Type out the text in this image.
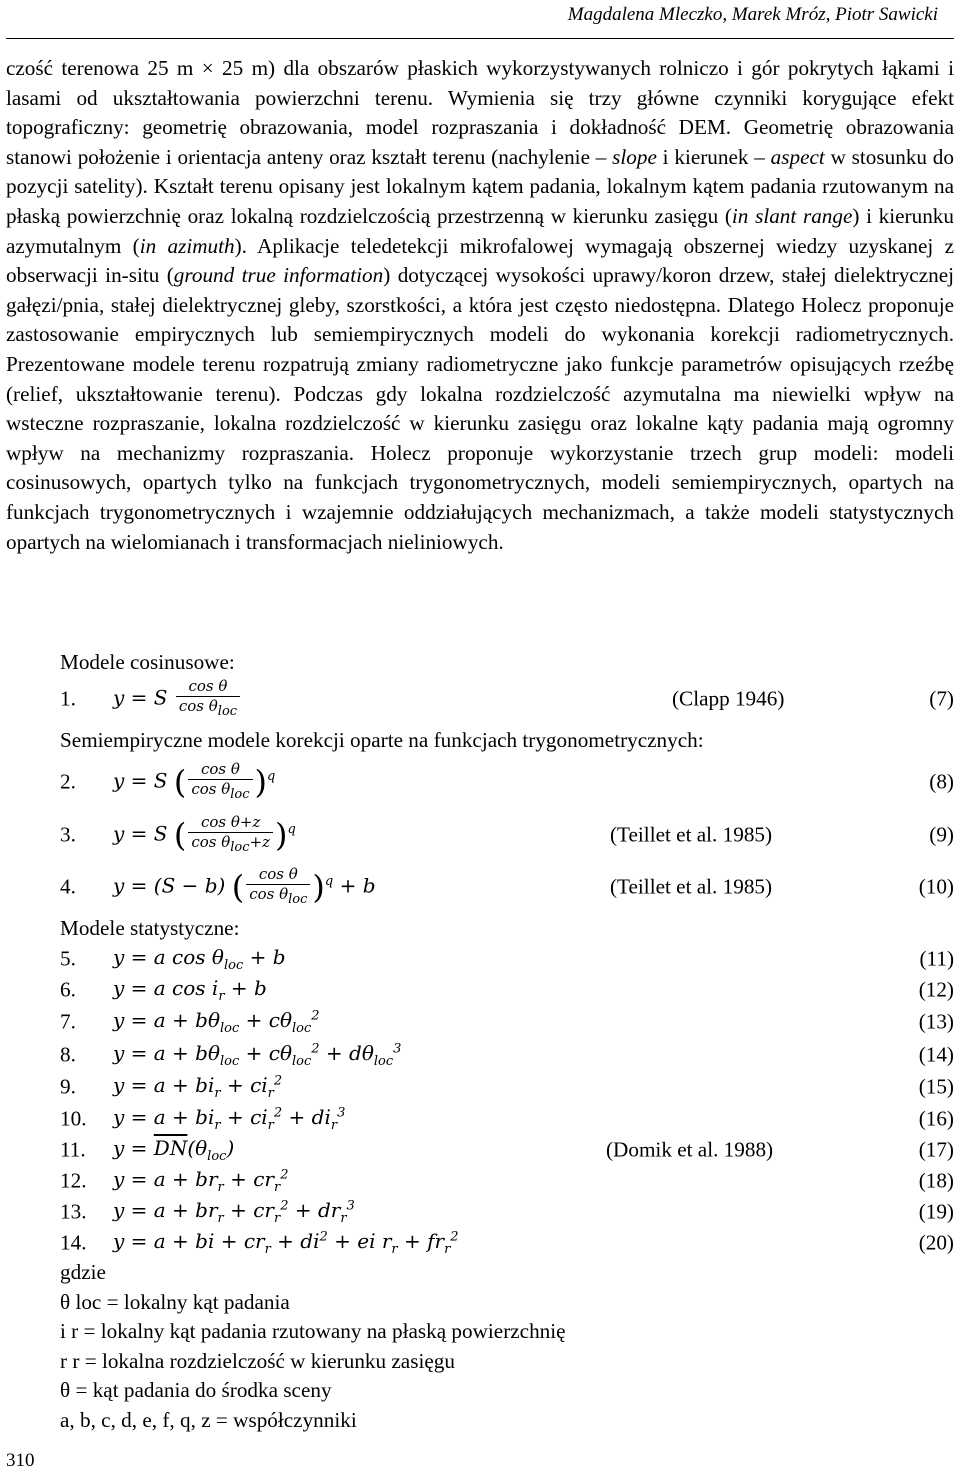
Magdalena Mleczko, Marek Mróz, Piotr Sawicki

czość terenowa 25 m × 25 m) dla obszarów płaskich wykorzystywanych rolniczo i gór pokrytych łąkami i lasami od ukształtowania powierzchni terenu. Wymienia się trzy główne czynniki korygujące efekt topograficzny: geometrię obrazowania, model rozpraszania i dokładność DEM. Geometrię obrazowania stanowi położenie i orientacja anteny oraz kształt terenu (nachylenie – slope i kierunek – aspect w stosunku do pozycji satelity). Kształt terenu opisany jest lokalnym kątem padania, lokalnym kątem padania rzutowanym na płaską powierzchnię oraz lokalną rozdzielczością przestrzenną w kierunku zasięgu (in slant range) i kierunku azymutalnym (in azimuth). Aplikacje teledetekcji mikrofalowej wymagają obszernej wiedzy uzyskanej z obserwacji in-situ (ground true information) dotyczącej wysokości uprawy/koron drzew, stałej dielektrycznej gałęzi/pnia, stałej dielektrycznej gleby, szorstkości, a która jest często niedostępna. Dlatego Holecz proponuje zastosowanie empirycznych lub semiempirycznych modeli do wykonania korekcji radiometrycznych. Prezentowane modele terenu rozpatrują zmiany radiometryczne jako funkcje parametrów opisujących rzeźbę (relief, ukształtowanie terenu). Podczas gdy lokalna rozdzielczość azymutalna ma niewielki wpływ na wsteczne rozpraszanie, lokalna rozdzielczość w kierunku zasięgu oraz lokalne kąty padania mają ogromny wpływ na mechanizmy rozpraszania. Holecz proponuje wykorzystanie trzech grup modeli: modeli cosinusowych, opartych tylko na funkcjach trygonometrycznych, modeli semiempirycznych, opartych na funkcjach trygonometrycznych i wzajemnie oddziałujących mechanizmach, a także modeli statystycznych opartych na wielomianach i transformacjach nieliniowych.

Modele cosinusowe:
1. y = S $\frac{\text{cos θ}}{\cos \theta_{loc}}$	(Clapp 1946)	(7)
Semiempiryczne modele korekcji oparte na funkcjach trygonometrycznych:
2. y = S ( $\frac{\text{cos θ}}{\cos \theta_{loc}} )^q$	(8)
3. y = S ( $\frac{\text{cos θ+z}}{\cos \theta_{loc}+z} )^q$	(Teillet et al. 1985)	(9)
4. y = (S − b) ( $\frac{\text{cos θ}}{\cos \theta_{loc}} )^q + b$	(Teillet et al. 1985)	(10)
Modele statystyczne:
5. y = a $\cos \theta_{loc} + b$	(11)
6. y = a $\cos i_r + b$	(12)
7. $y = a + b\theta_{loc} + c\theta_{loc}^2$	(13)
8. $y = a + b\theta_{loc} + c\theta_{loc}^2 + d\theta_{loc}^3$	(14)
9. $y = a + bi_r + ci_r^2$	(15)
10. $y = a + bi_r + ci_r^2 + di_r^3$	(16)
11. $y = \overline{DN}(\theta_{loc})$	(Domik et al. 1988)	(17)
12. $y = a + br_r + cr_r^2$	(18)
13. $y = a + br_r + cr_r^2 + dr_r^3$	(19)
14. y = a + bi + $cr_r + di^2$ + ei $r_r + fr_r^2$	(20)
gdzie
θ loc = lokalny kąt padania
i r = lokalny kąt padania rzutowany na płaską powierzchnię
r r = lokalna rozdzielczość w kierunku zasięgu
θ = kąt padania do środka sceny
a, b, c, d, e, f, q, z = współczynniki
310
